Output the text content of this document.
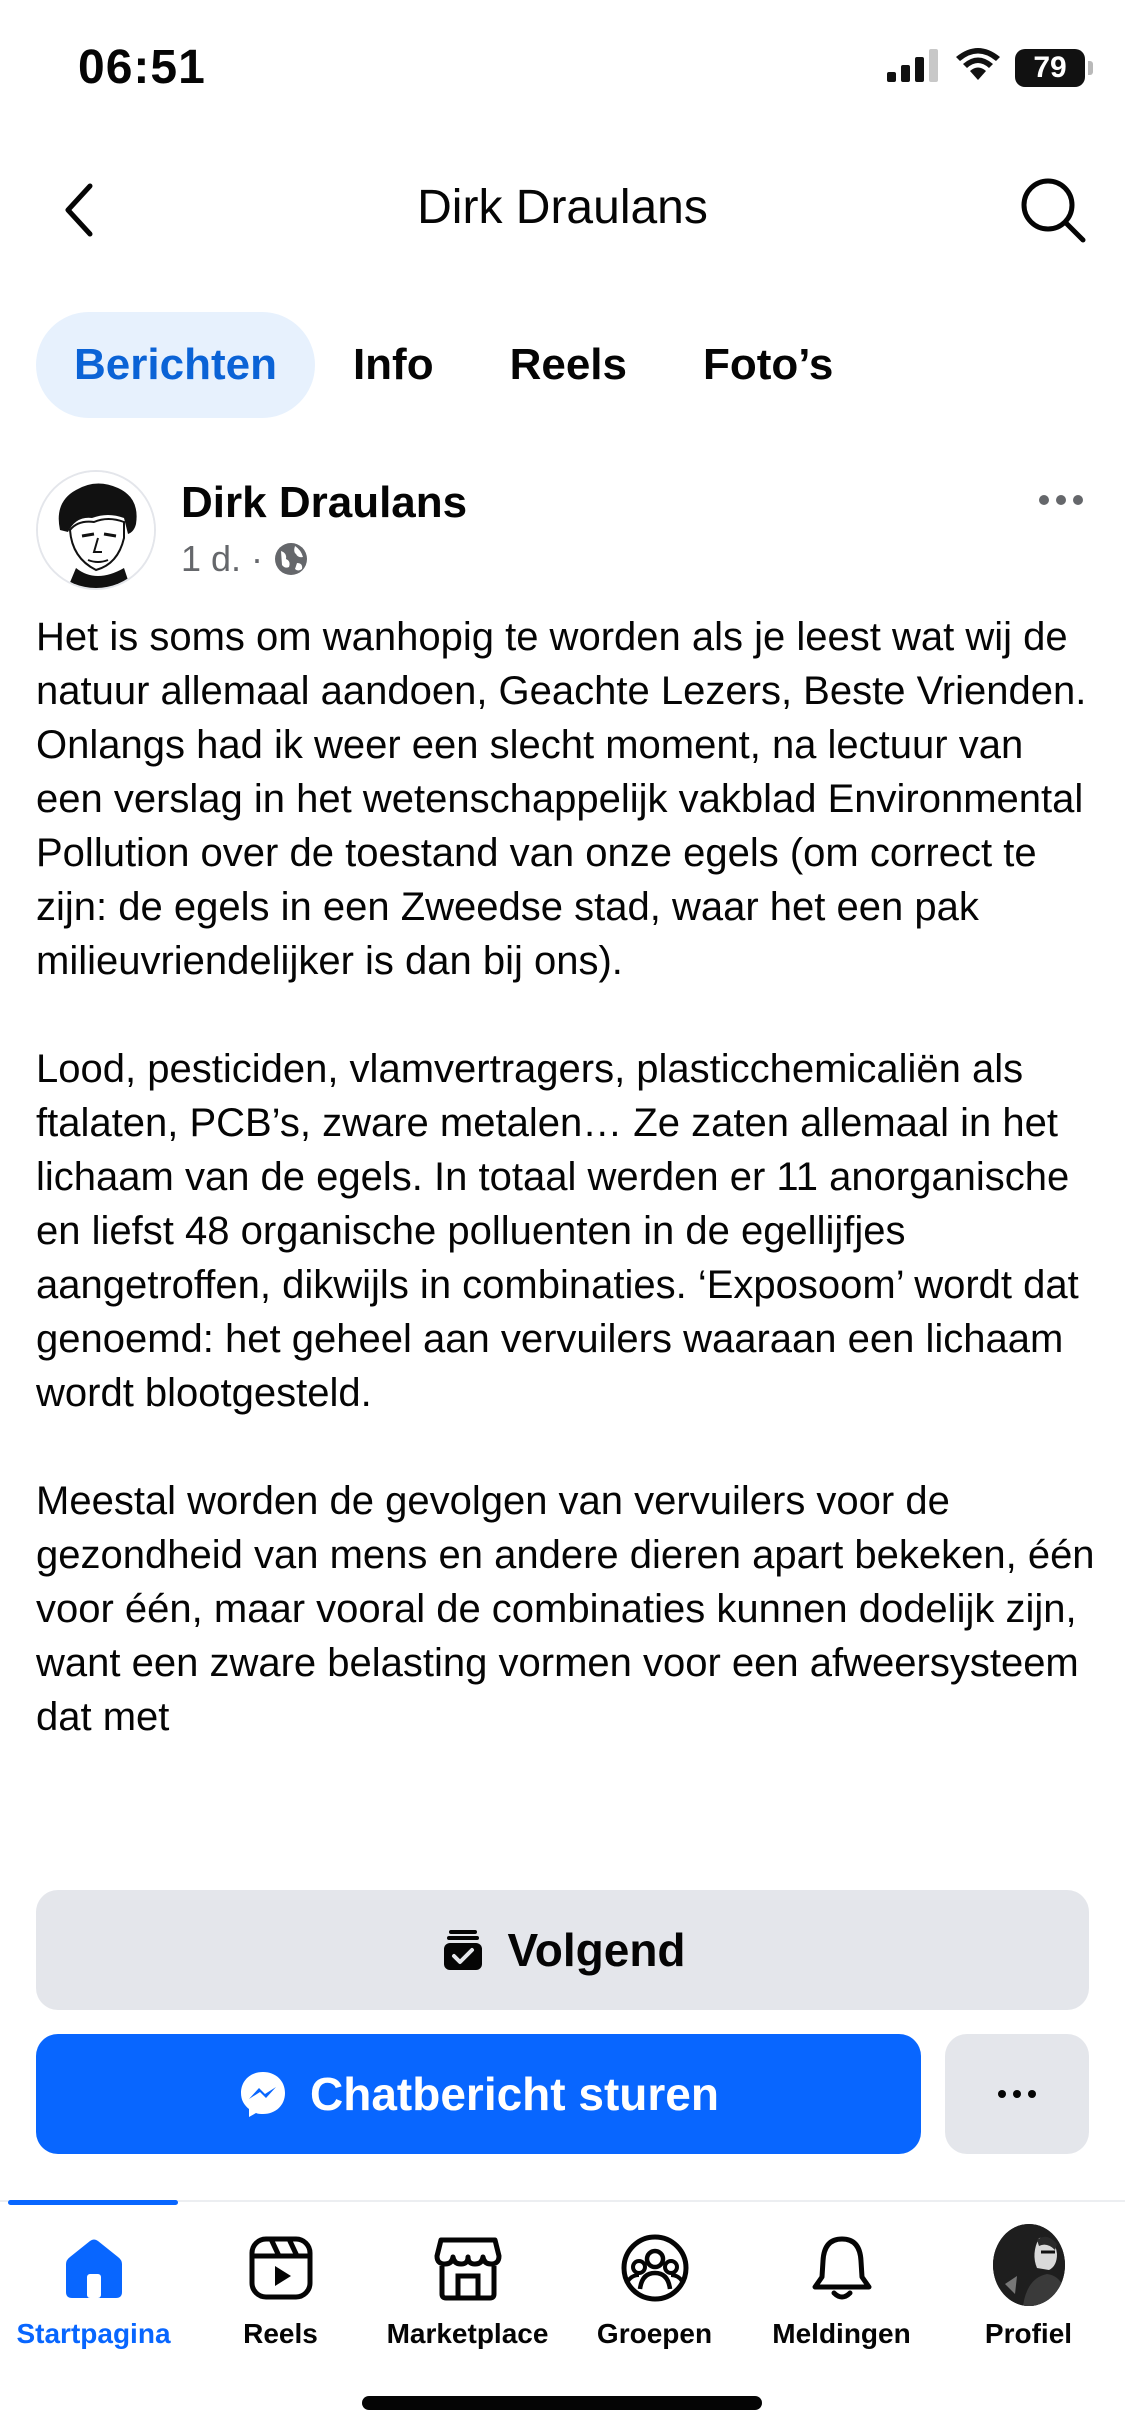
06:51	79
Dirk Draulans
Berichten	Info	Reels	Foto’s
Dirk Draulans
1 d. ·

Het is soms om wanhopig te worden als je leest wat wij de natuur allemaal aandoen, Geachte Lezers, Beste Vrienden. Onlangs had ik weer een slecht moment, na lectuur van een verslag in het wetenschappelijk vakblad Environmental Pollution over de toestand van onze egels (om correct te zijn: de egels in een Zweedse stad, waar het een pak milieuvriendelijker is dan bij ons).

Lood, pesticiden, vlamvertragers, plasticchemicaliën als ftalaten, PCB’s, zware metalen… Ze zaten allemaal in het lichaam van de egels. In totaal werden er 11 anorganische en liefst 48 organische polluenten in de egellijfjes aangetroffen, dikwijls in combinaties. ‘Exposoom’ wordt dat genoemd: het geheel aan vervuilers waaraan een lichaam wordt blootgesteld.

Meestal worden de gevolgen van vervuilers voor de gezondheid van mens en andere dieren apart bekeken, één voor één, maar vooral de combinaties kunnen dodelijk zijn, want een zware belasting vormen voor een afweersysteem dat met

Volgend
Chatbericht sturen
Startpagina	Reels Marketplace Groepen Meldingen	Profiel
